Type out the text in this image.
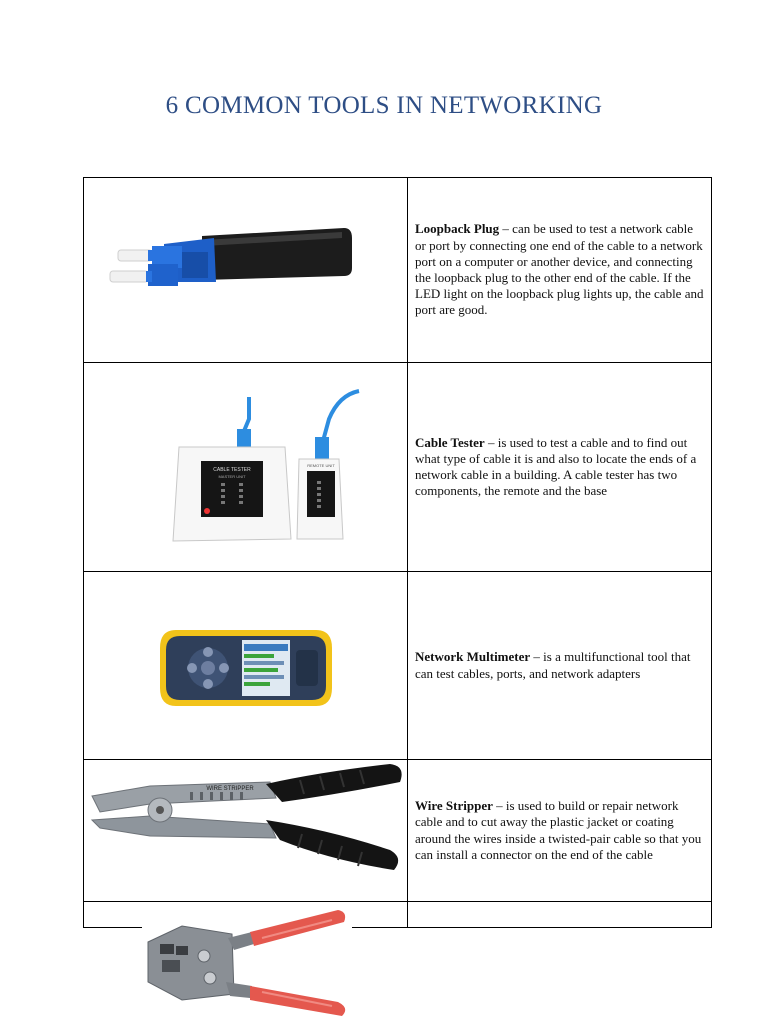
6 COMMON TOOLS IN NETWORKING

Loopback Plug – can be used to test a network cable or port by connecting one end of the cable to a network port on a computer or another device, and connecting the loopback plug to the other end of the cable. If the LED light on the loopback plug lights up, the cable and port are good.

CABLE TESTER
MASTER UNIT
REMOTE UNIT	Cable Tester – is used to test a cable and to find out what type of cable it is and also to locate the ends of a network cable in a building. A cable tester has two components, the remote and the base

Network Multimeter – is a multifunctional tool that can test cables, ports, and network adapters

WIRE STRIPPER	Wire Stripper – is used to build or repair network cable and to cut away the plastic jacket or coating around the wires inside a twisted-pair cable so that you can install a connector on the end of the cable
